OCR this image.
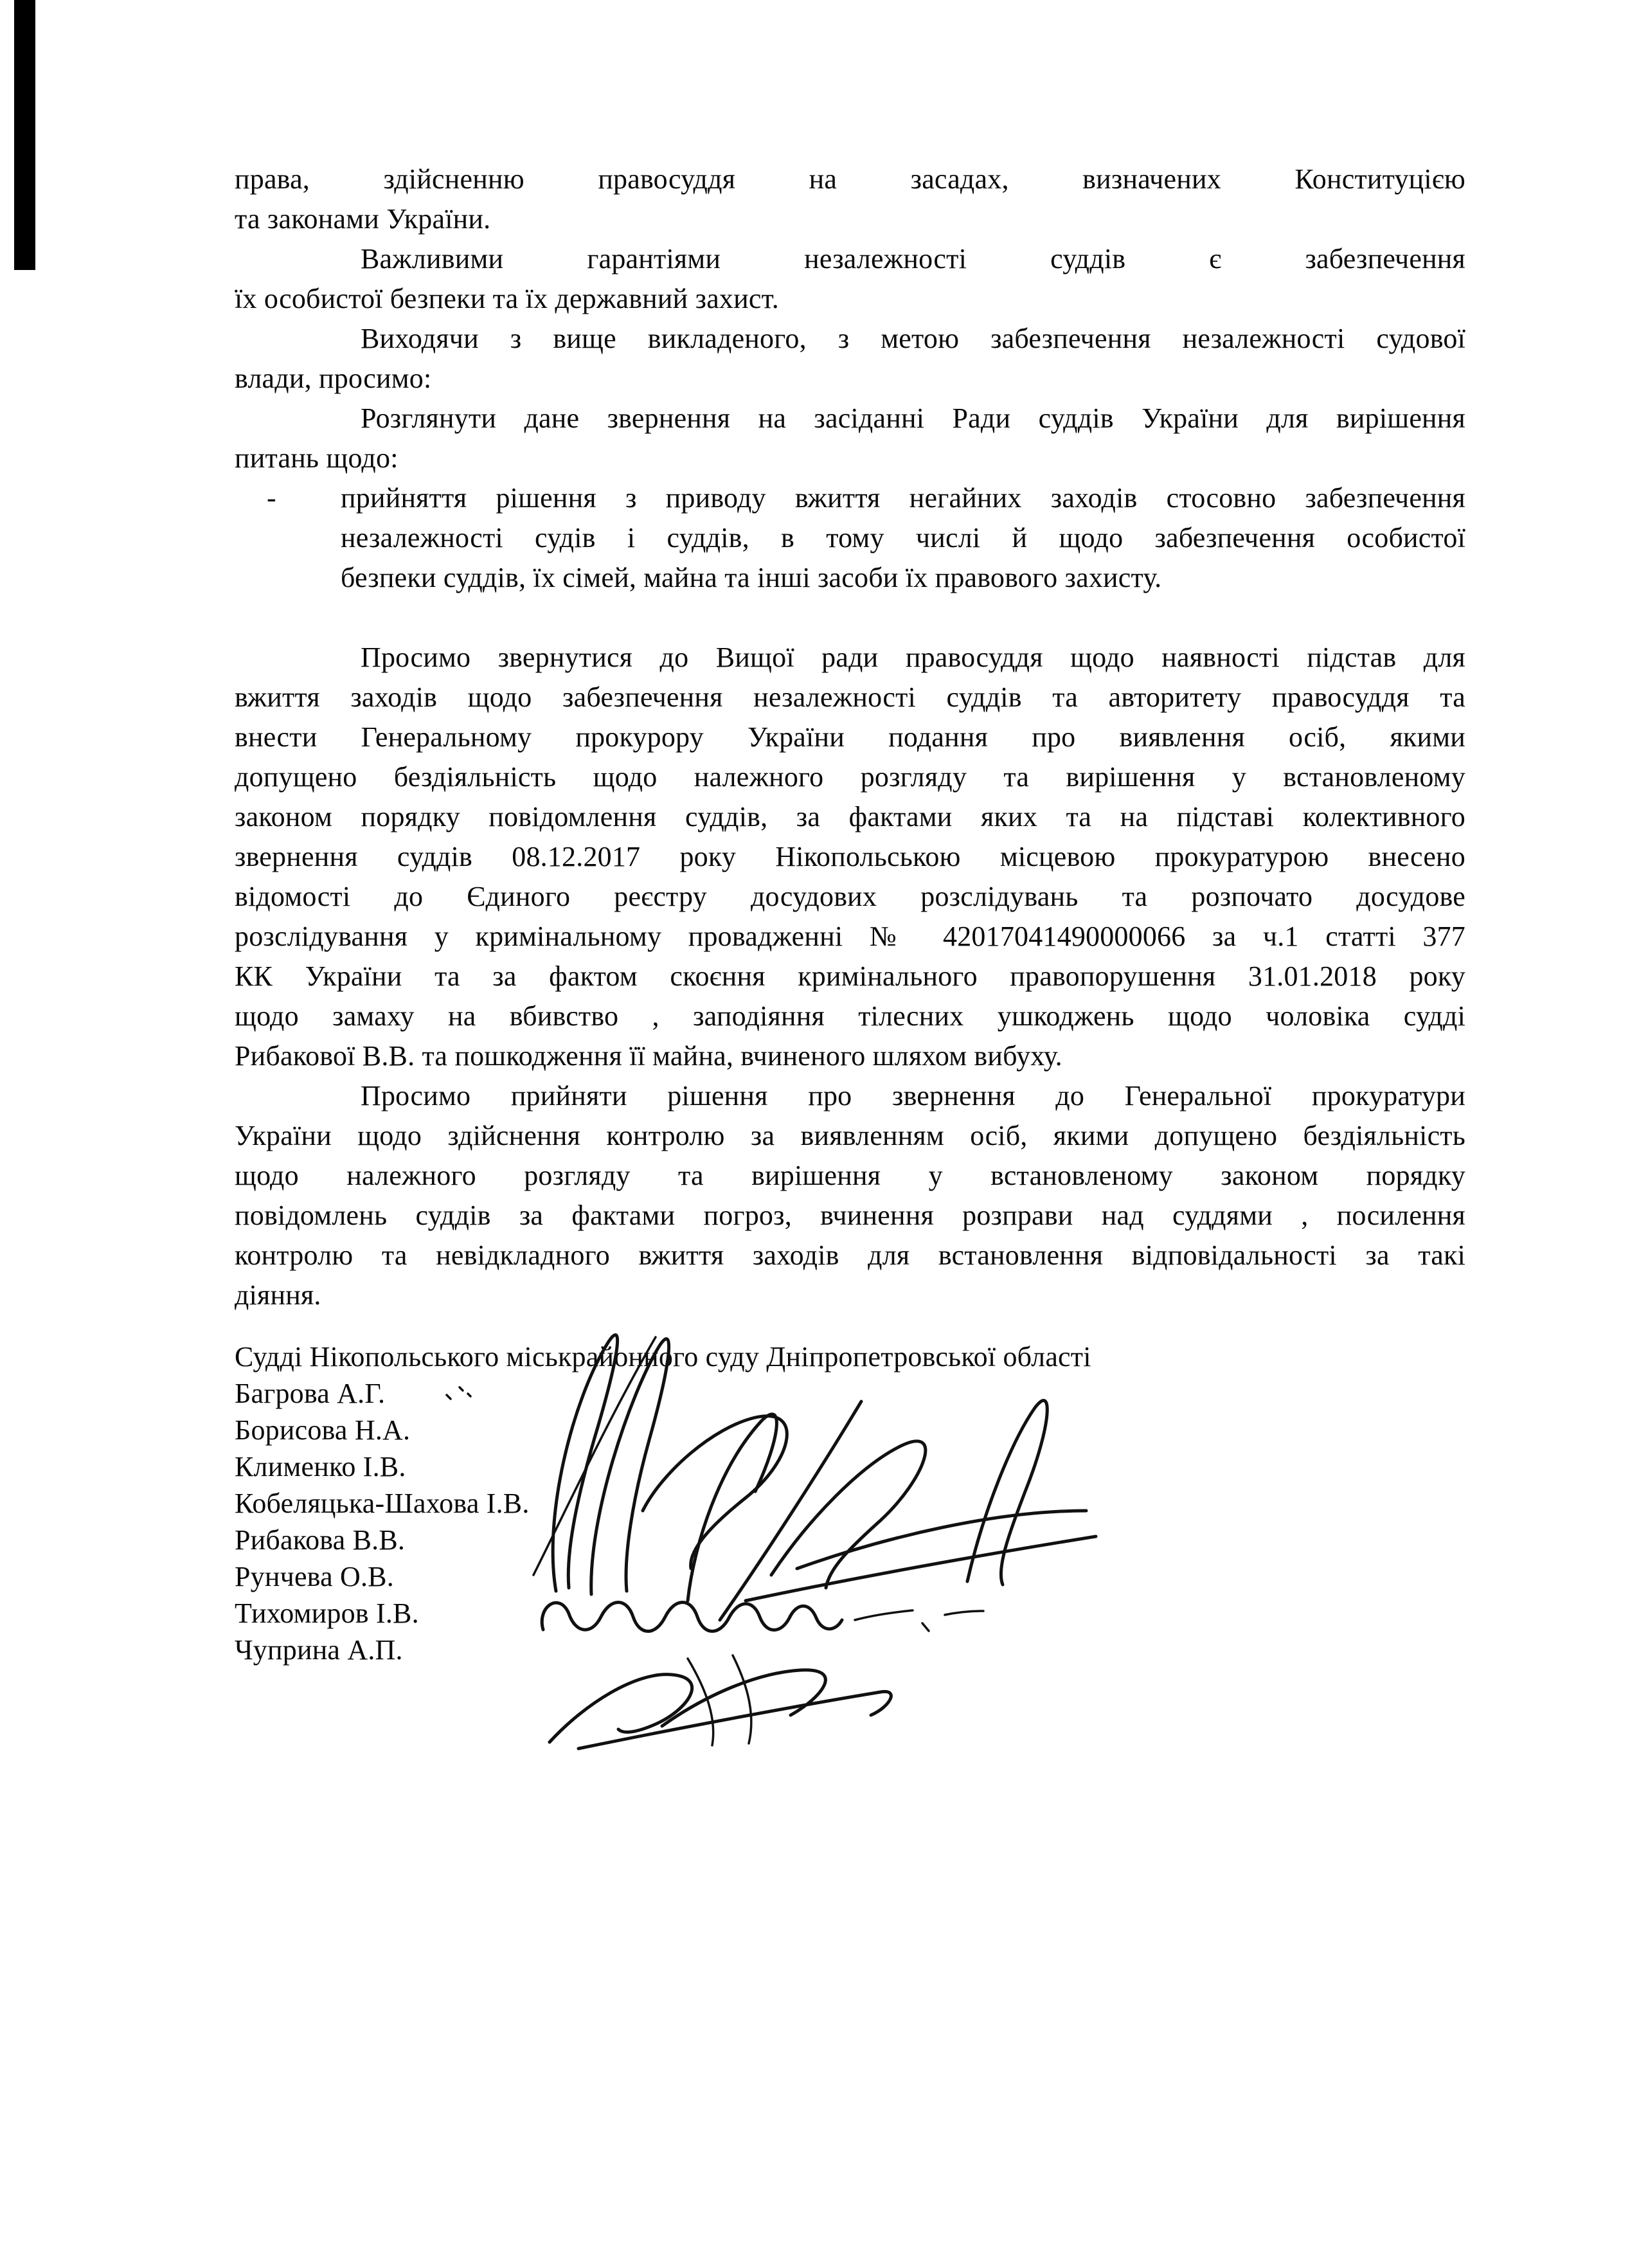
права, здійсненню правосуддя на засадах, визначених Конституцією
та законами України.
Важливими гарантіями незалежності суддів є забезпечення
їх особистої безпеки та їх державний захист.
Виходячи з вище викладеного, з метою забезпечення незалежності судової
влади, просимо:
Розглянути дане звернення на засіданні Ради суддів України для вирішення
питань щодо:
- прийняття рішення з приводу вжиття негайних заходів стосовно забезпечення
незалежності судів і суддів, в тому числі й щодо забезпечення особистої
безпеки суддів, їх сімей, майна та інші засоби їх правового захисту.
Просимо звернутися до Вищої ради правосуддя щодо наявності підстав для
вжиття заходів щодо забезпечення незалежності суддів та авторитету правосуддя та
внести Генеральному прокурору України подання про виявлення осіб, якими
допущено бездіяльність щодо належного розгляду та вирішення у встановленому
законом порядку повідомлення суддів, за фактами яких та на підставі колективного
звернення суддів 08.12.2017 року Нікопольською місцевою прокуратурою внесено
відомості до Єдиного реєстру досудових розслідувань та розпочато досудове
розслідування у кримінальному провадженні № 42017041490000066 за ч.1 статті 377
КК України та за фактом скоєння кримінального правопорушення 31.01.2018 року
щодо замаху на вбивство , заподіяння тілесних ушкоджень щодо чоловіка судді
Рибакової В.В. та пошкодження її майна, вчиненого шляхом вибуху.
Просимо прийняти рішення про звернення до Генеральної прокуратури
України щодо здійснення контролю за виявленням осіб, якими допущено бездіяльність
щодо належного розгляду та вирішення у встановленому законом порядку
повідомлень суддів за фактами погроз, вчинення розправи над суддями , посилення
контролю та невідкладного вжиття заходів для встановлення відповідальності за такі
діяння.
Судді Нікопольського міськрайонного суду Дніпропетровської області
Багрова А.Г.
Борисова Н.А.
Клименко І.В.
Кобеляцька-Шахова І.В.
Рибакова В.В.
Рунчева О.В.
Тихомиров І.В.
Чуприна А.П.
